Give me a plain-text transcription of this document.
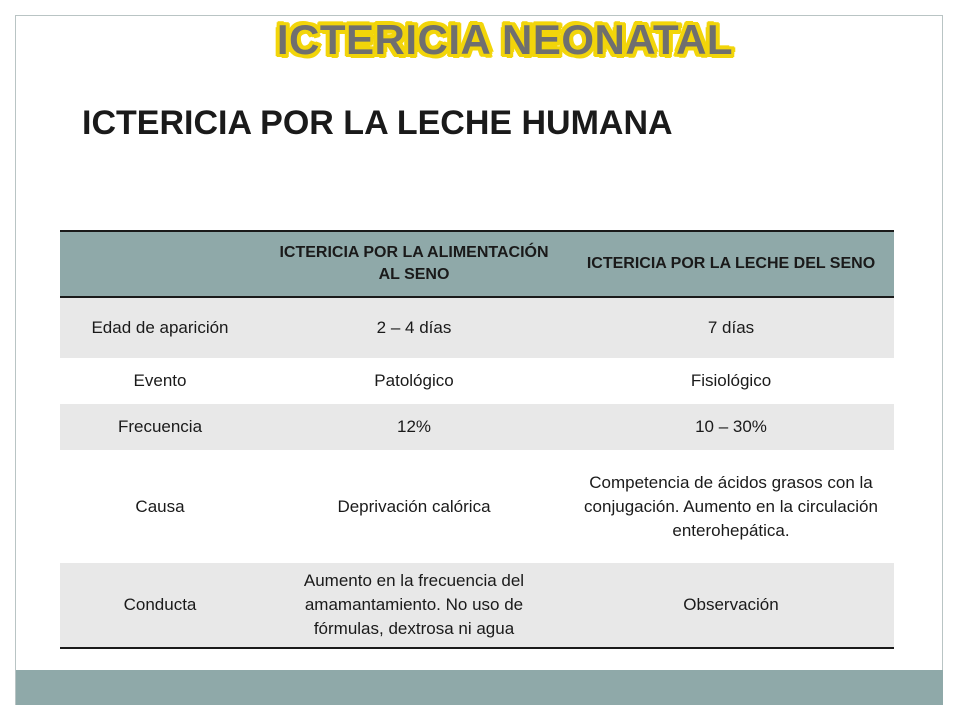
ICTERICIA NEONATAL
ICTERICIA POR LA LECHE HUMANA
	ICTERICIA POR LA ALIMENTACIÓN AL SENO	ICTERICIA POR LA LECHE DEL SENO
Edad de aparición	2 – 4 días	7 días
Evento	Patológico	Fisiológico
Frecuencia	12%	10 – 30%
Causa	Deprivación calórica	Competencia de ácidos grasos con la conjugación. Aumento en la circulación enterohepática.
Conducta	Aumento en la frecuencia del amamantamiento. No uso de fórmulas, dextrosa ni agua	Observación
